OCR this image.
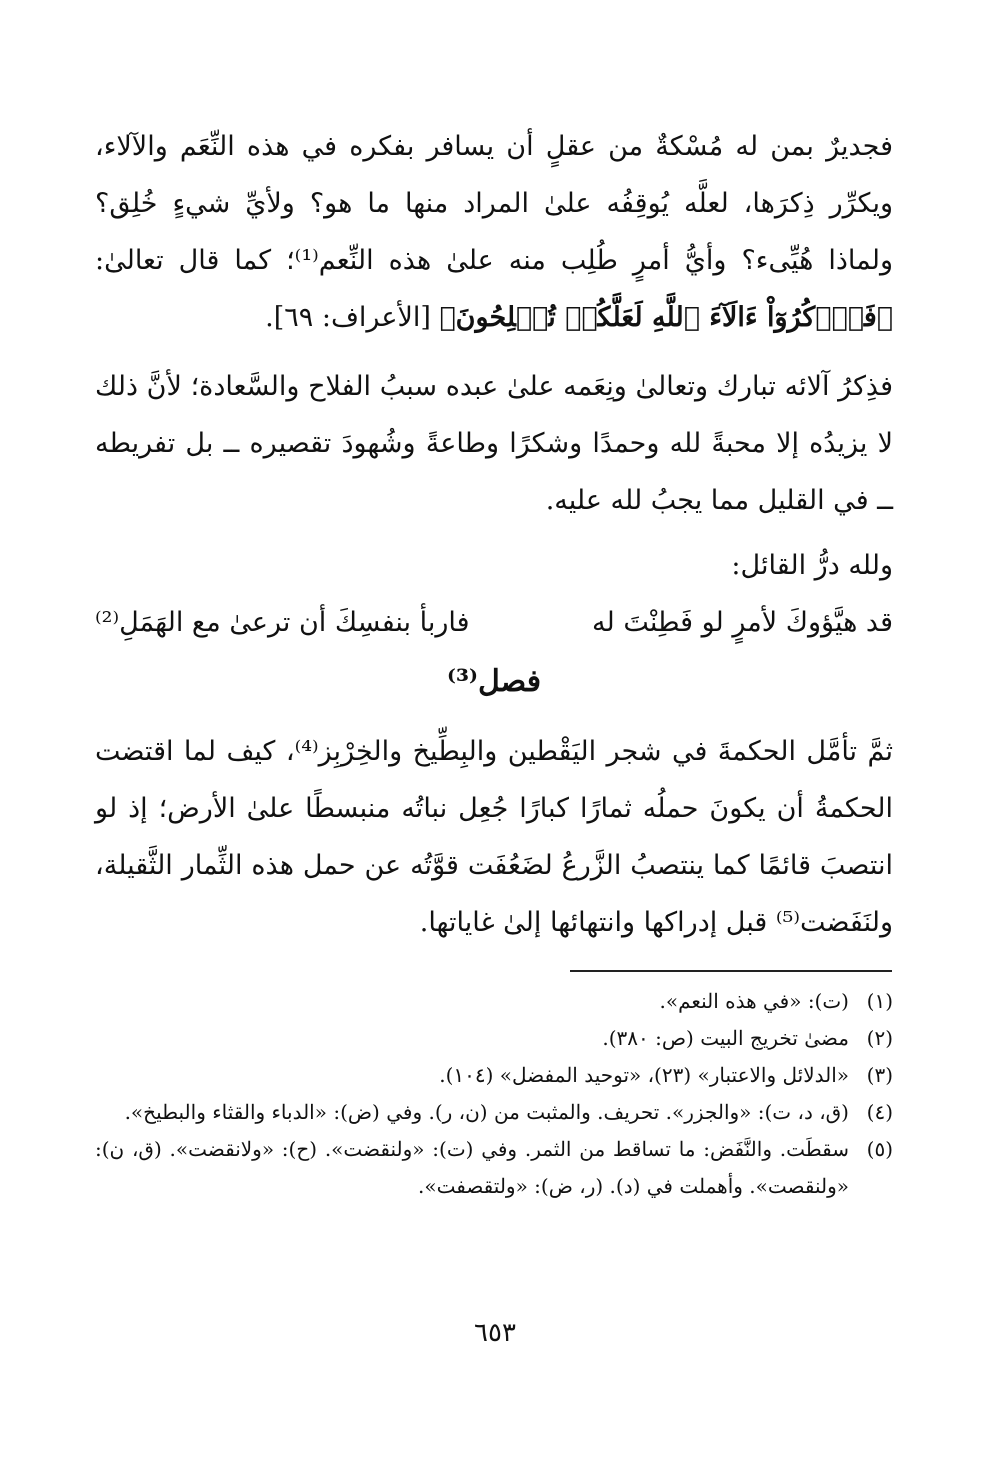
فجديرٌ بمن له مُسْكةٌ من عقلٍ أن يسافر بفكره في هذه النِّعَم والآلاء، ويكرِّر ذِكرَها، لعلَّه يُوقِفُه علىٰ المراد منها ما هو؟ ولأيِّ شيءٍ خُلِق؟ ولماذا هُيِّىء؟ وأيُّ أمرٍ طُلِب منه علىٰ هذه النِّعم⁽¹⁾؛ كما قال تعالىٰ: ﴿فَٱذۡكُرُوٓاْ ءَالَآءَ ٱللَّهِ لَعَلَّكُمۡ تُفۡلِحُونَ﴾ [الأعراف: ٦٩].

فذِكرُ آلائه تبارك وتعالىٰ ونِعَمه علىٰ عبده سببُ الفلاح والسَّعادة؛ لأنَّ ذلك لا يزيدُه إلا محبةً لله وحمدًا وشكرًا وطاعةً وشُهودَ تقصيره ــ بل تفريطه ــ في القليل مما يجبُ لله عليه.

ولله درُّ القائل:

قد هيَّؤوكَ لأمرٍ لو فَطِنْتَ له
فاربأ بنفسِكَ أن ترعىٰ مع الهَمَلِ⁽²⁾
فصل⁽³⁾

ثمَّ تأمَّل الحكمةَ في شجر اليَقْطين والبِطِّيخ والخِرْبِز⁽⁴⁾، كيف لما اقتضت الحكمةُ أن يكونَ حملُه ثمارًا كبارًا جُعِل نباتُه منبسطًا علىٰ الأرض؛ إذ لو انتصبَ قائمًا كما ينتصبُ الزَّرعُ لضَعُفَت قوَّتُه عن حمل هذه الثِّمار الثَّقيلة، ولنَفَضت⁽⁵⁾ قبل إدراكها وانتهائها إلىٰ غاياتها.

(١)
(ت): «في هذه النعم».
(٢)
مضىٰ تخريج البيت (ص: ٣٨٠).
(٣)
«الدلائل والاعتبار» (٢٣)، «توحيد المفضل» (١٠٤).
(٤)
(ق، د، ت): «والجزر». تحريف. والمثبت من (ن، ر). وفي (ض): «الدباء والقثاء والبطيخ».
(٥)
سقطَت. والنَّفَض: ما تساقط من الثمر. وفي (ت): «ولنقضت». (ح): «ولانقضت». (ق، ن): «ولنقصت». وأهملت في (د). (ر، ض): «ولتقصفت».
٦٥٣
